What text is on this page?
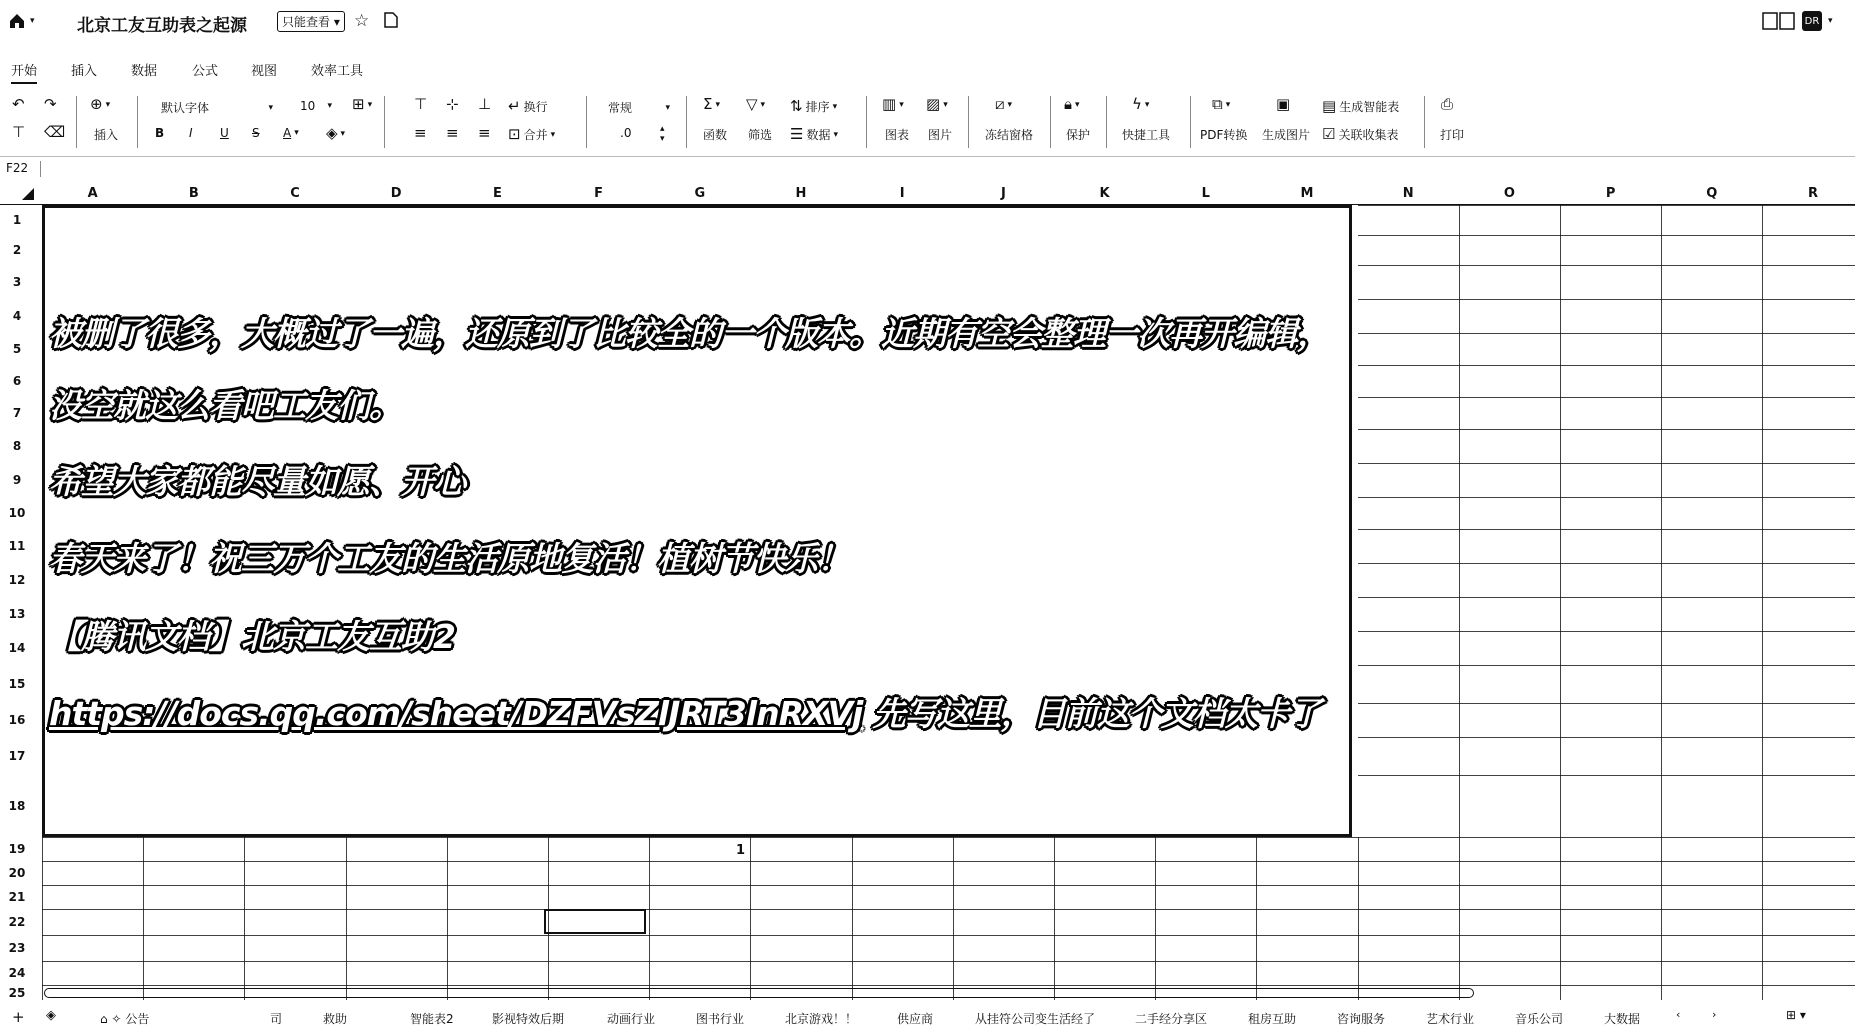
▾ 北京工友互助表之起源	只能查看 ▾ ☆	DR ▾
开始	插入	数据	公式	视图	效率工具
↶ ↷
⊤ ⌫
⊕ ▾
插入
默认字体	▾ 10 ▾ ⊞ ▾
B I U S A ▾ ◈ ▾
⊤ ⊹ ⊥ ↵ 换行
≡ ≡ ≡ ⊡ 合并 ▾
常规	▾
.0	▴
▾
Σ ▾
函数
▽ ▾
筛选
⇅ 排序 ▾
☰ 数据 ▾
▥ ▾
图表
▨ ▾
图片
⧄ ▾
冻结窗格
🔒︎ ▾
保护
ϟ ▾
快捷工具
⧉ ▾
PDF转换
▣
生成图片
▤ 生成智能表
☑ 关联收集表
⎙
打印
F22
A	B	C	D	E	F	G	H	I	J	K	L	M	N	O	P	Q	R
1
2
3
4
5
6
7
8
9
10
11
12
13
14
15
16
17
18
19
20
21
22
23
24
25
被删了很多，大概过了一遍，还原到了比较全的一个版本。近期有空会整理一次再开编辑，
没空就这么看吧工友们。
希望大家都能尽量如愿、开心
春天来了！祝三万个工友的生活原地复活！植树节快乐！
【腾讯文档】北京工友互助2
https://docs.qq.com/sheet/DZFVsZlJRT3lnRXVj 先写这里，目前这个文档太卡了
1
+ ◈	⌂ ✧ 公告	司	救助	智能表2	影视特效后期	动画行业	图书行业	北京游戏！！	供应商	从挂符公司变生活经了	二手经分享区	租房互助	咨询服务	艺术行业	音乐公司	大数据	‹	›	⊞ ▾
